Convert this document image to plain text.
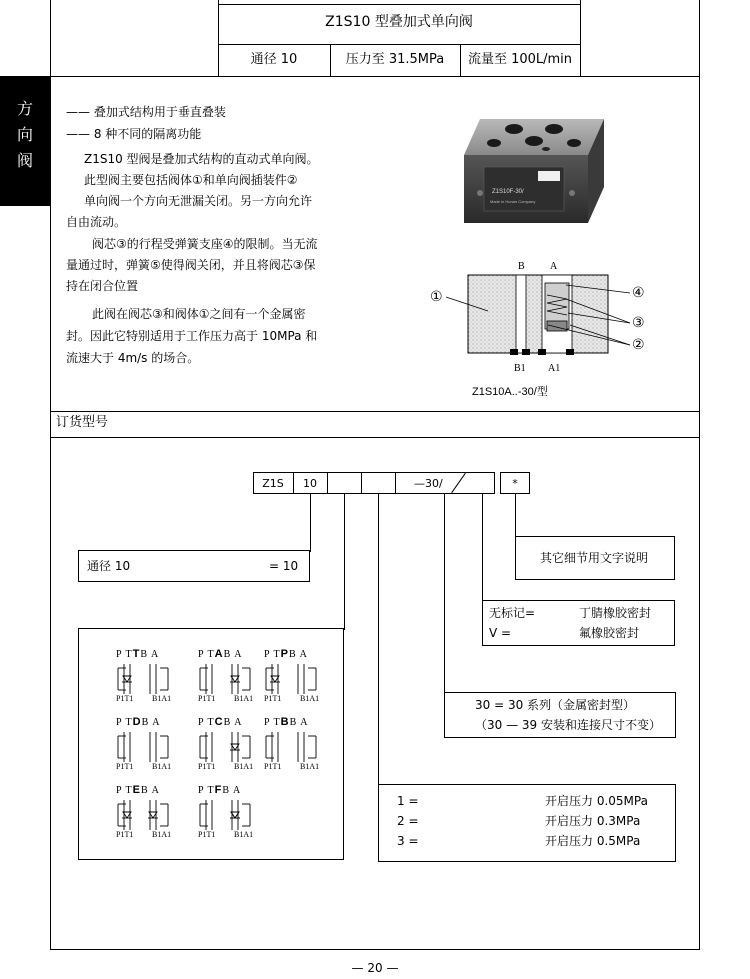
Z1S10 型叠加式单向阀
通径 10	压力至 31.5MPa	流量至 100L/min
方
向
阀
—— 叠加式结构用于垂直叠装
—— 8 种不同的隔离功能
Z1S10 型阀是叠加式结构的直动式单向阀。
此型阀主要包括阀体①和单向阀插装件②
单向阀一个方向无泄漏关闭。另一方向允许
自由流动。
阀芯③的行程受弹簧支座④的限制。当无流
量通过时，弹簧⑤使得阀关闭，并且将阀芯③保
持在闭合位置
此阀在阀芯③和阀体①之间有一个金属密
封。因此它特别适用于工作压力高于 10MPa 和
流速大于 4m/s 的场合。
Z1S10F-30/
Made in Hunan Company
B	A
B1 A1
①	④
③
②
Z1S10A..-30/型
订货型号
Z1S	10	—30/	*
通径 10	= 10
其它细节用文字说明
无标记=	丁腈橡胶密封
V =	氟橡胶密封
30 = 30 系列（金属密封型）
（30 — 39 安装和连接尺寸不变）
1 =	开启压力 0.05MPa
2 =	开启压力 0.3MPa
3 =	开启压力 0.5MPa
P TTB A
P1T1 B1A1
P TAB A
P1T1 B1A1
P TPB A
P1T1 B1A1
P TDB A
P1T1 B1A1
P TCB A
P1T1 B1A1
P TBB A
P1T1 B1A1
P TEB A
P1T1 B1A1
P TFB A
P1T1 B1A1
— 20 —
